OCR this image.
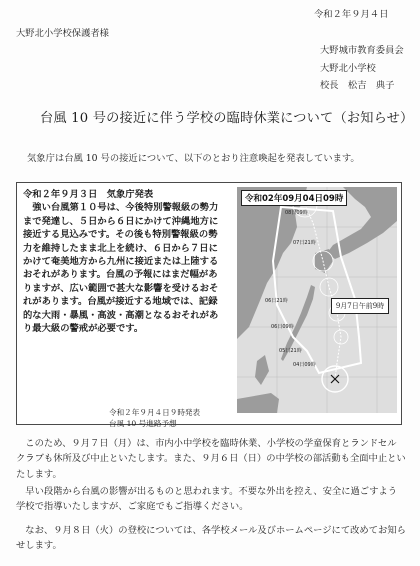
令和２年９月４日
大野北小学校保護者様
大野城市教育委員会
大野北小学校
校長　松吉　典子
台風 10 号の接近に伴う学校の臨時休業について（お知らせ）
気象庁は台風 10 号の接近について、以下のとおり注意喚起を発表しています。
令和２年９月３日　気象庁発表
　強い台風第１０号は、今後特別警報級の勢力
まで発達し、５日から６日にかけて沖縄地方に
接近する見込みです。その後も特別警報級の勢
力を維持したまま北上を続け、６日から７日に
かけて奄美地方から九州に接近または上陸する
おそれがあります。台風の予報にはまだ幅があ
りますが、広い範囲で甚大な影響を受けるおそ
れがあります。台風が接近する地域では、記録
的な大雨・暴風・高波・高潮となるおそれがあ
り最大級の警戒が必要です。
令和02年09月04日09時
08日09時
07日21時
06日21時
06日09時
05日21時
04日09時
9月7日午前9時
令和２年９月４日９時発表
台風 10 号進路予想

　このため、９月７日（月）は、市内小中学校を臨時休業、小学校の学童保育とランドセル

クラブも休所及び中止といたします。また、９月６日（日）の中学校の部活動も全面中止とい

たします。

　早い段階から台風の影響が出るものと思われます。不要な外出を控え、安全に過ごすよう

学校で指導いたしますが、ご家庭でもご指導ください。

　なお、９月８日（火）の登校については、各学校メール及びホームページにて改めてお知ら

せします。
